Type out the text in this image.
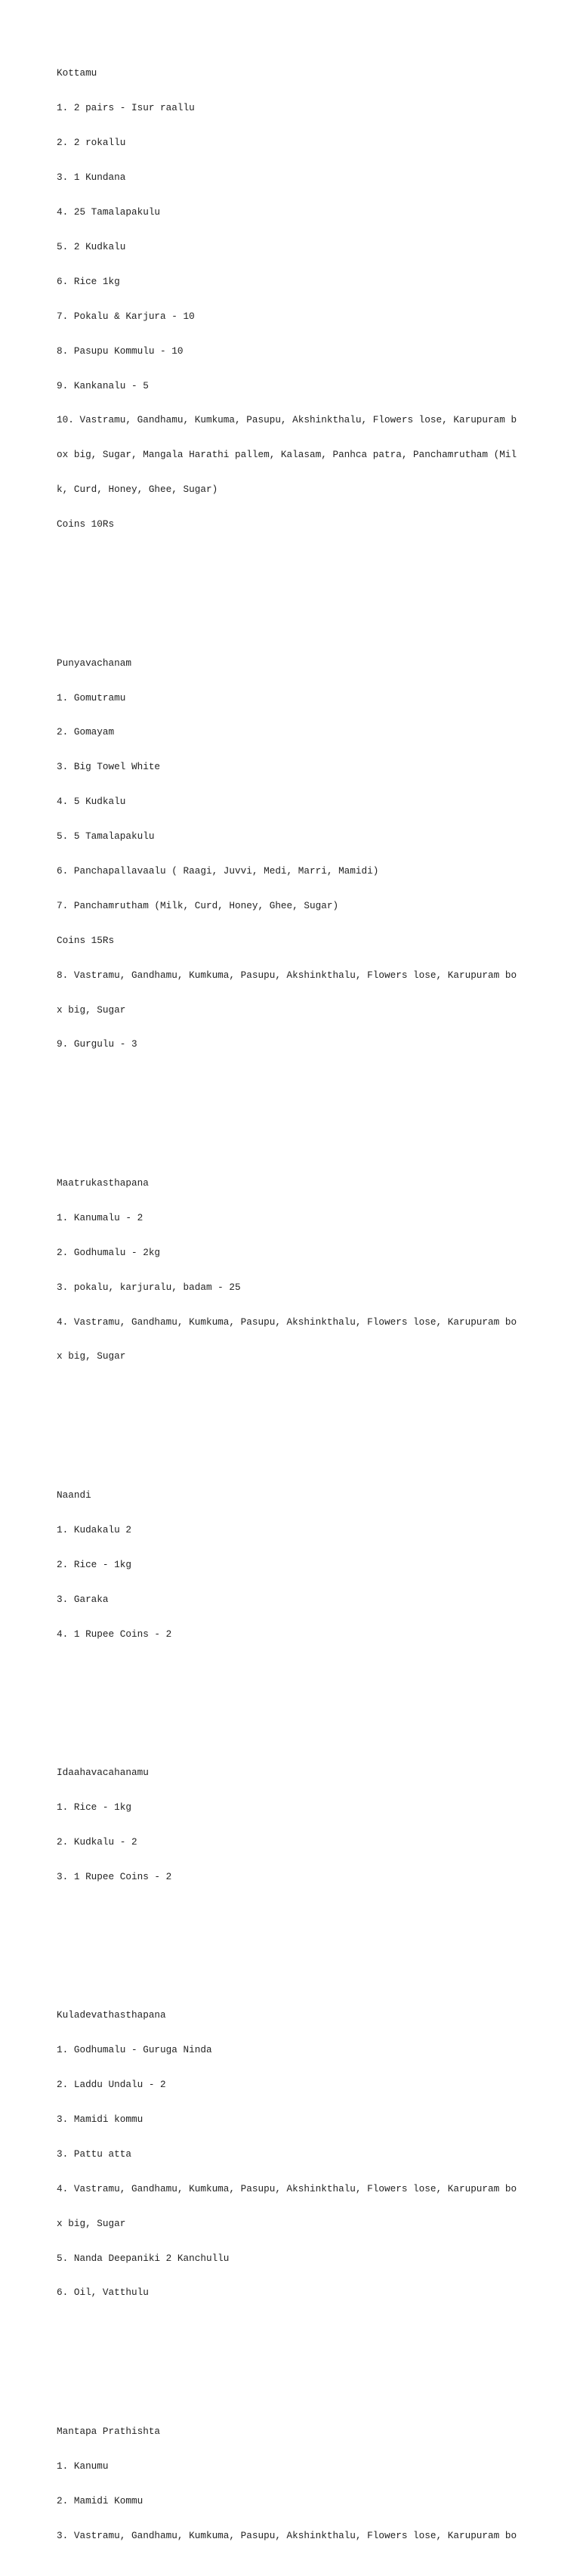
Kottamu

1. 2 pairs - Isur raallu

2. 2 rokallu

3. 1 Kundana

4. 25 Tamalapakulu

5. 2 Kudkalu

6. Rice 1kg

7. Pokalu & Karjura - 10

8. Pasupu Kommulu - 10

9. Kankanalu - 5

10. Vastramu, Gandhamu, Kumkuma, Pasupu, Akshinkthalu, Flowers lose, Karupuram b

ox big, Sugar, Mangala Harathi pallem, Kalasam, Panhca patra, Panchamrutham (Mil

k, Curd, Honey, Ghee, Sugar)

Coins 10Rs

Punyavachanam

1. Gomutramu

2. Gomayam

3. Big Towel White

4. 5 Kudkalu

5. 5 Tamalapakulu

6. Panchapallavaalu ( Raagi, Juvvi, Medi, Marri, Mamidi)

7. Panchamrutham (Milk, Curd, Honey, Ghee, Sugar)

Coins 15Rs

8. Vastramu, Gandhamu, Kumkuma, Pasupu, Akshinkthalu, Flowers lose, Karupuram bo

x big, Sugar

9. Gurgulu - 3

Maatrukasthapana

1. Kanumalu - 2

2. Godhumalu - 2kg

3. pokalu, karjuralu, badam - 25

4. Vastramu, Gandhamu, Kumkuma, Pasupu, Akshinkthalu, Flowers lose, Karupuram bo

x big, Sugar

Naandi

1. Kudakalu 2

2. Rice - 1kg

3. Garaka

4. 1 Rupee Coins - 2

Idaahavacahanamu

1. Rice - 1kg

2. Kudkalu - 2

3. 1 Rupee Coins - 2

Kuladevathasthapana

1. Godhumalu - Guruga Ninda

2. Laddu Undalu - 2

3. Mamidi kommu

3. Pattu atta

4. Vastramu, Gandhamu, Kumkuma, Pasupu, Akshinkthalu, Flowers lose, Karupuram bo

x big, Sugar

5. Nanda Deepaniki 2 Kanchullu

6. Oil, Vatthulu

Mantapa Prathishta

1. Kanumu

2. Mamidi Kommu

3. Vastramu, Gandhamu, Kumkuma, Pasupu, Akshinkthalu, Flowers lose, Karupuram bo
